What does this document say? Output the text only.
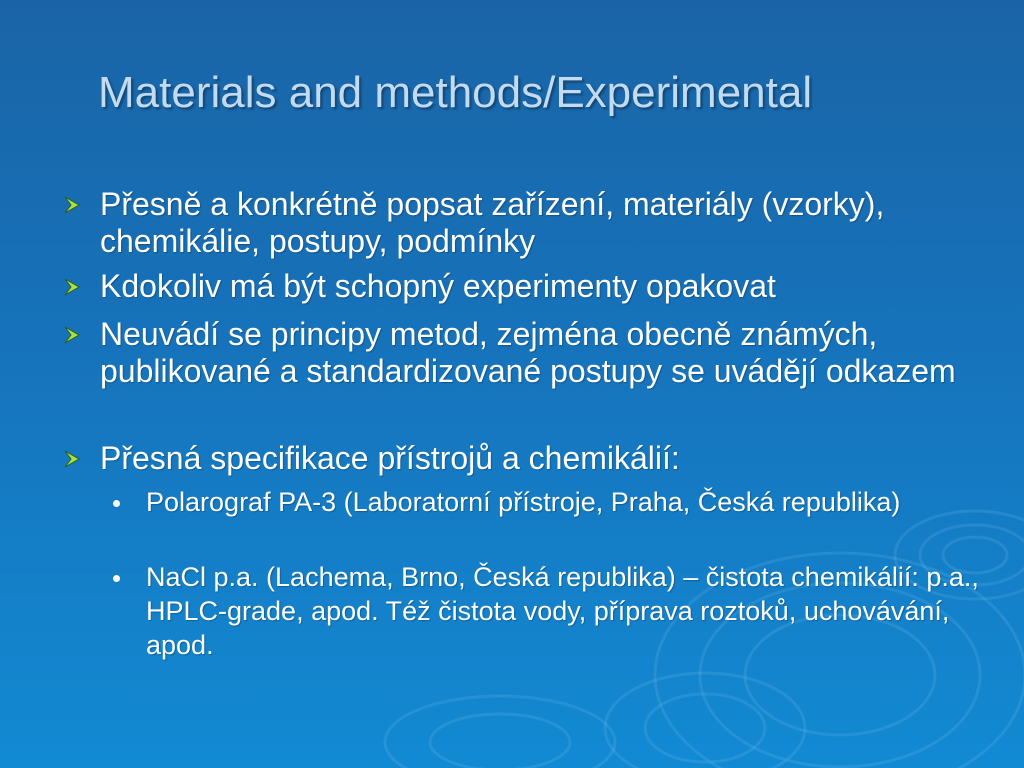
Materials and methods/Experimental
Přesně a konkrétně popsat zařízení, materiály (vzorky), chemikálie, postupy, podmínky
Kdokoliv má být schopný experimenty opakovat
Neuvádí se principy metod, zejména obecně známých, publikované a standardizované postupy se uvádějí odkazem
Přesná specifikace přístrojů a chemikálií:
Polarograf PA-3 (Laboratorní přístroje, Praha, Česká republika)
NaCl p.a. (Lachema, Brno, Česká republika) – čistota chemikálií: p.a., HPLC-grade, apod. Též čistota vody, příprava roztoků, uchovávání, apod.
